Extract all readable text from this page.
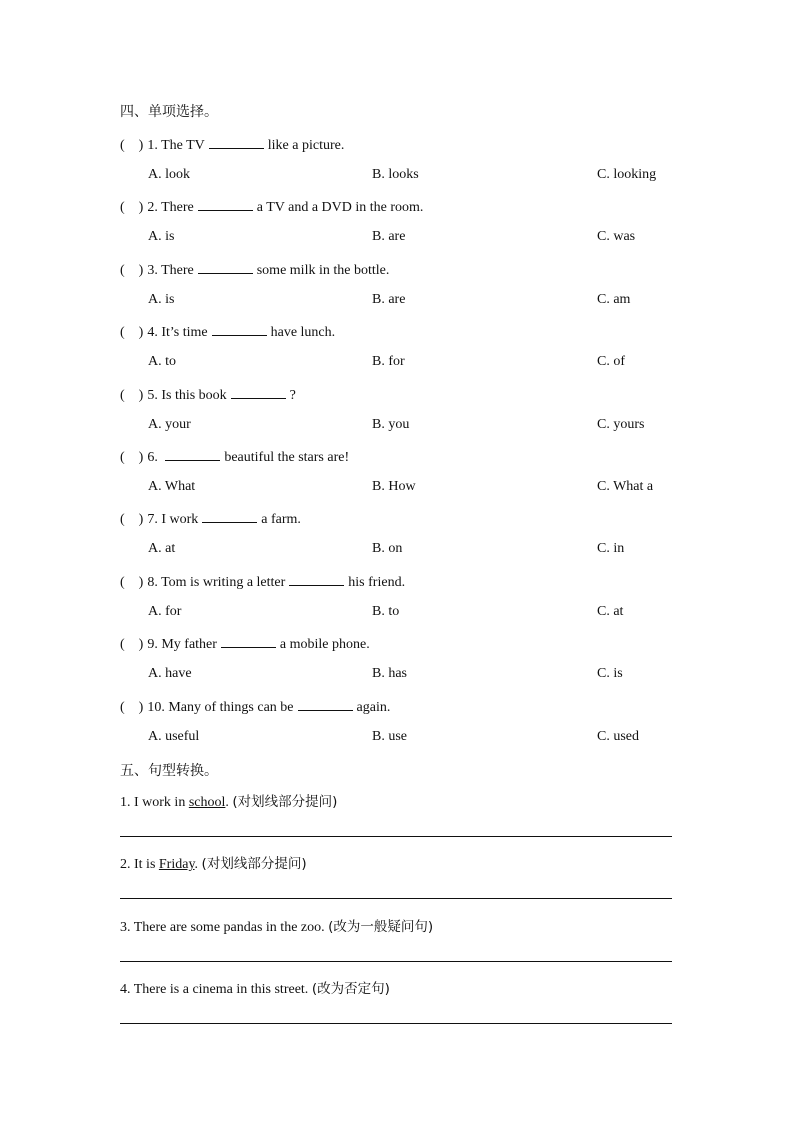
四、单项选择。
(    ) 1. The TV	like a picture.
A. look	B. looks	C. looking
(    ) 2. There	a TV and a DVD in the room.
A. is	B. are	C. was
(    ) 3. There	some milk in the bottle.
A. is	B. are	C. am
(    ) 4. It’s time	have lunch.
A. to	B. for	C. of
(    ) 5. Is this book	?
A. your	B. you	C. yours
(    ) 6.	beautiful the stars are!
A. What	B. How	C. What a
(    ) 7. I work	a farm.
A. at	B. on	C. in
(    ) 8. Tom is writing a letter	his friend.
A. for	B. to	C. at
(    ) 9. My father	a mobile phone.
A. have	B. has	C. is
(    ) 10. Many of things can be	again.
A. useful	B. use	C. used
五、句型转换。
1. I work in school. (对划线部分提问)
2. It is Friday. (对划线部分提问)
3. There are some pandas in the zoo. (改为一般疑问句)
4. There is a cinema in this street. (改为否定句)
